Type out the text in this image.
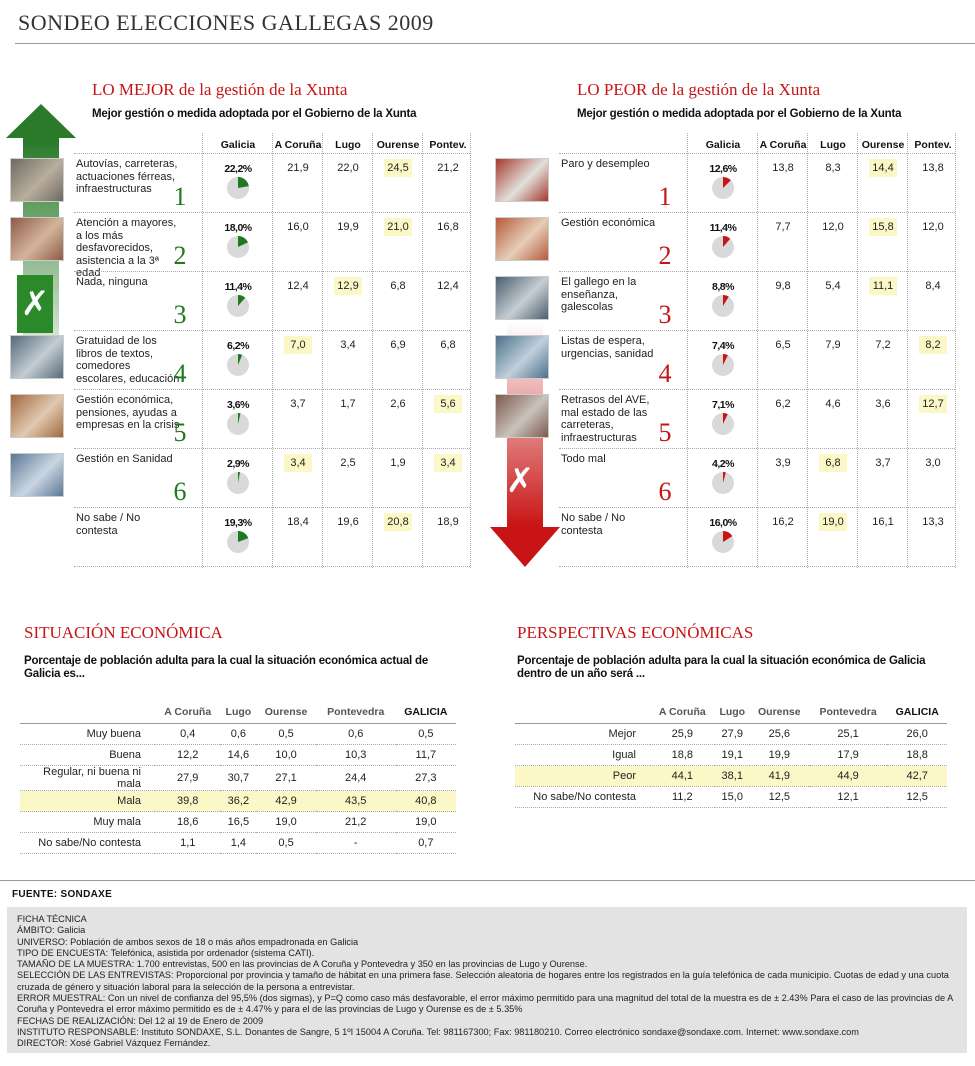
SONDEO ELECCIONES GALLEGAS 2009
LO MEJOR de la gestión de la Xunta
Mejor gestión o medida adoptada por el Gobierno de la Xunta
Galicia	A Coruña	Lugo	Ourense Pontev.
Autovías, carreteras, actuaciones férreas, infraestructuras 1
22,2%	21,9	22,0	24,5	21,2
Atención a mayores, a los más desfavorecidos, asistencia a la 3ª edad
2
18,0%	16,0	19,9	21,0	16,8
✗
Nada, ninguna
3
11,4%	12,4	12,9	6,8	12,4
Gratuidad de los libros de textos, comedores escolares, educación
4
6,2%	7,0	3,4	6,9	6,8
Gestión económica, pensiones, ayudas a empresas en la crisis
5
3,6%	3,7	1,7	2,6	5,6
Gestión en Sanidad
6
2,9%	3,4	2,5	1,9	3,4
No sabe / No contesta
19,3%	18,4	19,6	20,8	18,9
Galicia	A Coruña	Lugo	Ourense Pontev.
Paro y desempleo
1
12,6%	13,8	8,3	14,4	13,8
Gestión económica
2
11,4%	7,7	12,0	15,8	12,0
El gallego en la enseñanza, galescolas	3
8,8%	9,8	5,4	11,1	8,4
Listas de espera, urgencias, sanidad
4
7,4%	6,5	7,9	7,2	8,2
Retrasos del AVE, mal estado de las carreteras, infraestructuras 5
7,1%	6,2	4,6	3,6	12,7
✗
Todo mal
6
4,2%	3,9	6,8	3,7	3,0
No sabe / No contesta
16,0%	16,2	19,0	16,1	13,3
LO PEOR de la gestión de la Xunta
Mejor gestión o medida adoptada por el Gobierno de la Xunta
SITUACIÓN ECONÓMICA
Porcentaje de población adulta para la cual la situación económica actual de Galicia es...
	A Coruña	Lugo	Ourense	Pontevedra	GALICIA
Muy buena	0,4	0,6	0,5	0,6	0,5
Buena	12,2	14,6	10,0	10,3	11,7
Regular, ni buena ni mala	27,9	30,7	27,1	24,4	27,3
Mala	39,8	36,2	42,9	43,5	40,8
Muy mala	18,6	16,5	19,0	21,2	19,0
No sabe/No contesta	1,1	1,4	0,5	-	0,7
PERSPECTIVAS ECONÓMICAS
Porcentaje de población adulta para la cual la situación económica de Galicia dentro de un año será ...
	A Coruña	Lugo	Ourense	Pontevedra	GALICIA
Mejor	25,9	27,9	25,6	25,1	26,0
Igual	18,8	19,1	19,9	17,9	18,8
Peor	44,1	38,1	41,9	44,9	42,7
No sabe/No contesta	11,2	15,0	12,5	12,1	12,5
FUENTE: SONDAXE
FICHA TÉCNICA
ÁMBITO: Galicia
UNIVERSO: Población de ambos sexos de 18 o más años empadronada en Galicia
TIPO DE ENCUESTA: Telefónica, asistida por ordenador (sistema CATI).
TAMAÑO DE LA MUESTRA: 1.700 entrevistas, 500 en las provincias de A Coruña y Pontevedra y 350 en las provincias de Lugo y Ourense.
SELECCIÓN DE LAS ENTREVISTAS: Proporcional por provincia y tamaño de hábitat en una primera fase. Selección aleatoria de hogares entre los registrados en la guía telefónica de cada municipio. Cuotas de edad y una cuota cruzada de género y situación laboral para la selección de la persona a entrevistar.
ERROR MUESTRAL: Con un nivel de confianza del 95,5% (dos sigmas), y P=Q como caso más desfavorable, el error máximo permitido para una magnitud del total de la muestra es de ± 2.43% Para el caso de las provincias de A Coruña y Pontevedra el error máximo permitido es de ± 4.47% y para el de las provincias de Lugo y Ourense es de ± 5.35%
FECHAS DE REALIZACIÓN: Del 12 al 19 de Enero de 2009
INSTITUTO RESPONSABLE: Instituto SONDAXE, S.L. Donantes de Sangre, 5 1ºI 15004 A Coruña. Tel: 981167300; Fax: 981180210. Correo electrónico sondaxe@sondaxe.com. Internet: www.sondaxe.com
DIRECTOR: Xosé Gabriel Vázquez Fernández.
